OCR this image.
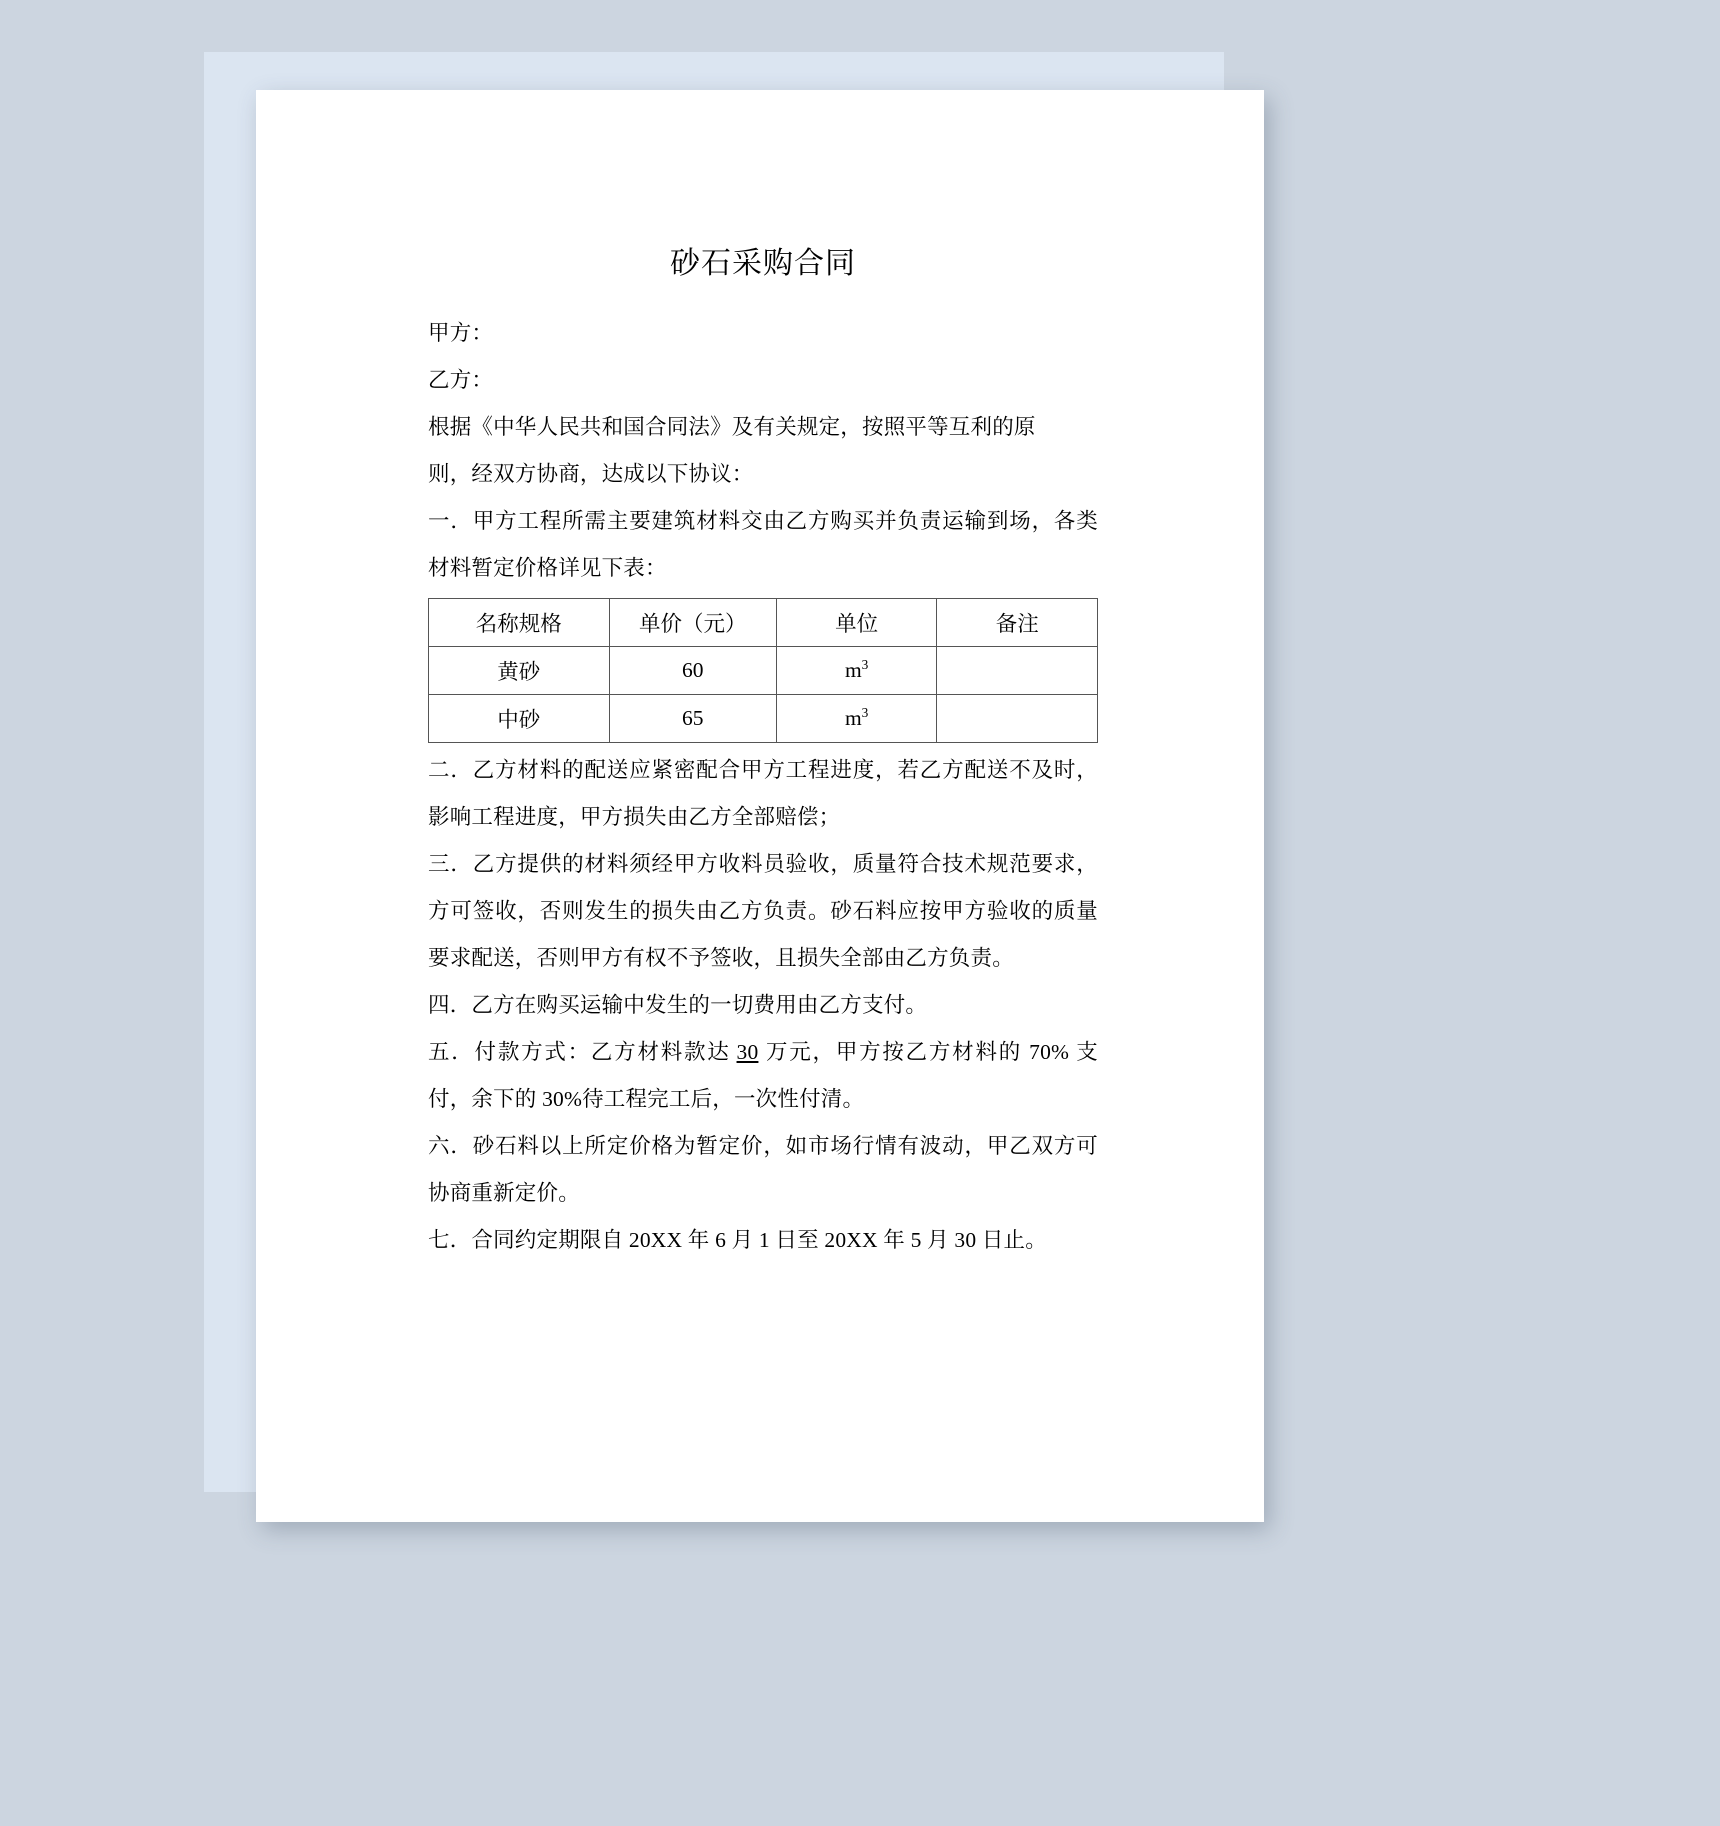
砂石采购合同

甲方：

乙方：

根据《中华人民共和国合同法》及有关规定，按照平等互利的原

则，经双方协商，达成以下协议：

一．甲方工程所需主要建筑材料交由乙方购买并负责运输到场，各类材料暂定价格详见下表：

名称规格	单价（元）	单位	备注
黄砂	60	$m^3$	
中砂	65	$m^3$	

二．乙方材料的配送应紧密配合甲方工程进度，若乙方配送不及时，影响工程进度，甲方损失由乙方全部赔偿；

三．乙方提供的材料须经甲方收料员验收，质量符合技术规范要求，方可签收，否则发生的损失由乙方负责。砂石料应按甲方验收的质量要求配送，否则甲方有权不予签收，且损失全部由乙方负责。

四．乙方在购买运输中发生的一切费用由乙方支付。

五．付款方式：乙方材料款达 30 万元，甲方按乙方材料的 70% 支付，余下的 30%待工程完工后，一次性付清。

六．砂石料以上所定价格为暂定价，如市场行情有波动，甲乙双方可协商重新定价。

七．合同约定期限自 20XX 年 6 月 1 日至 20XX 年 5 月 30 日止。
